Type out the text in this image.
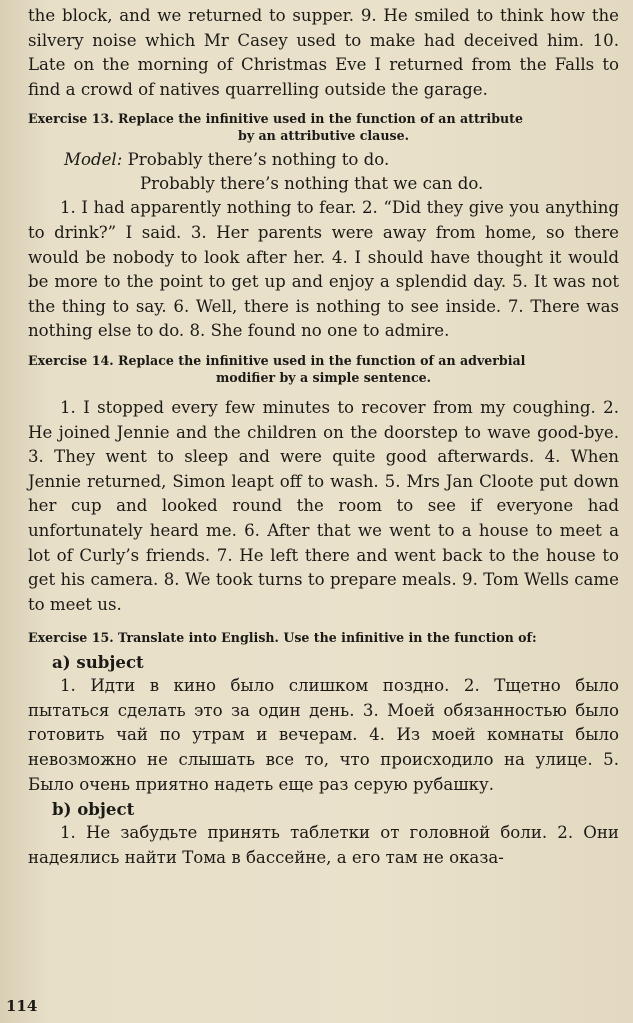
the block, and we returned to supper. 9. He smiled to think how the silvery noise which Mr Casey used to make had deceived him. 10. Late on the morning of Christmas Eve I returned from the Falls to find a crowd of natives quarrelling outside the garage.

Exercise 13. Replace the infinitive used in the function of an attribute
by an attributive clause.
Model: Probably there’s nothing to do.
Probably there’s nothing that we can do.

1. I had apparently nothing to fear. 2. “Did they give you anything to drink?” I said. 3. Her parents were away from home, so there would be nobody to look after her. 4. I should have thought it would be more to the point to get up and enjoy a splendid day. 5. It was not the thing to say. 6. Well, there is nothing to see inside. 7. There was nothing else to do. 8. She found no one to admire.

Exercise 14. Replace the infinitive used in the function of an adverbial
modifier by a simple sentence.

1. I stopped every few minutes to recover from my coughing. 2. He joined Jennie and the children on the doorstep to wave good-bye. 3. They went to sleep and were quite good afterwards. 4. When Jennie returned, Simon leapt off to wash. 5. Mrs Jan Cloote put down her cup and looked round the room to see if everyone had unfortunately heard me. 6. After that we went to a house to meet a lot of Curly’s friends. 7. He left there and went back to the house to get his camera. 8. We took turns to prepare meals. 9. Tom Wells came to meet us.

Exercise 15. Translate into English. Use the infinitive in the function of:
a) subject

1. Идти в кино было слишком поздно. 2. Тщетно было пытаться сделать это за один день. 3. Моей обязанностью было готовить чай по утрам и вечерам. 4. Из моей комнаты было невозможно не слышать все то, что происходило на улице. 5. Было очень приятно надеть еще раз серую рубашку.

b) object

1. Не забудьте принять таблетки от головной боли. 2. Они надеялись найти Тома в бассейне, а его там не оказа-

114
